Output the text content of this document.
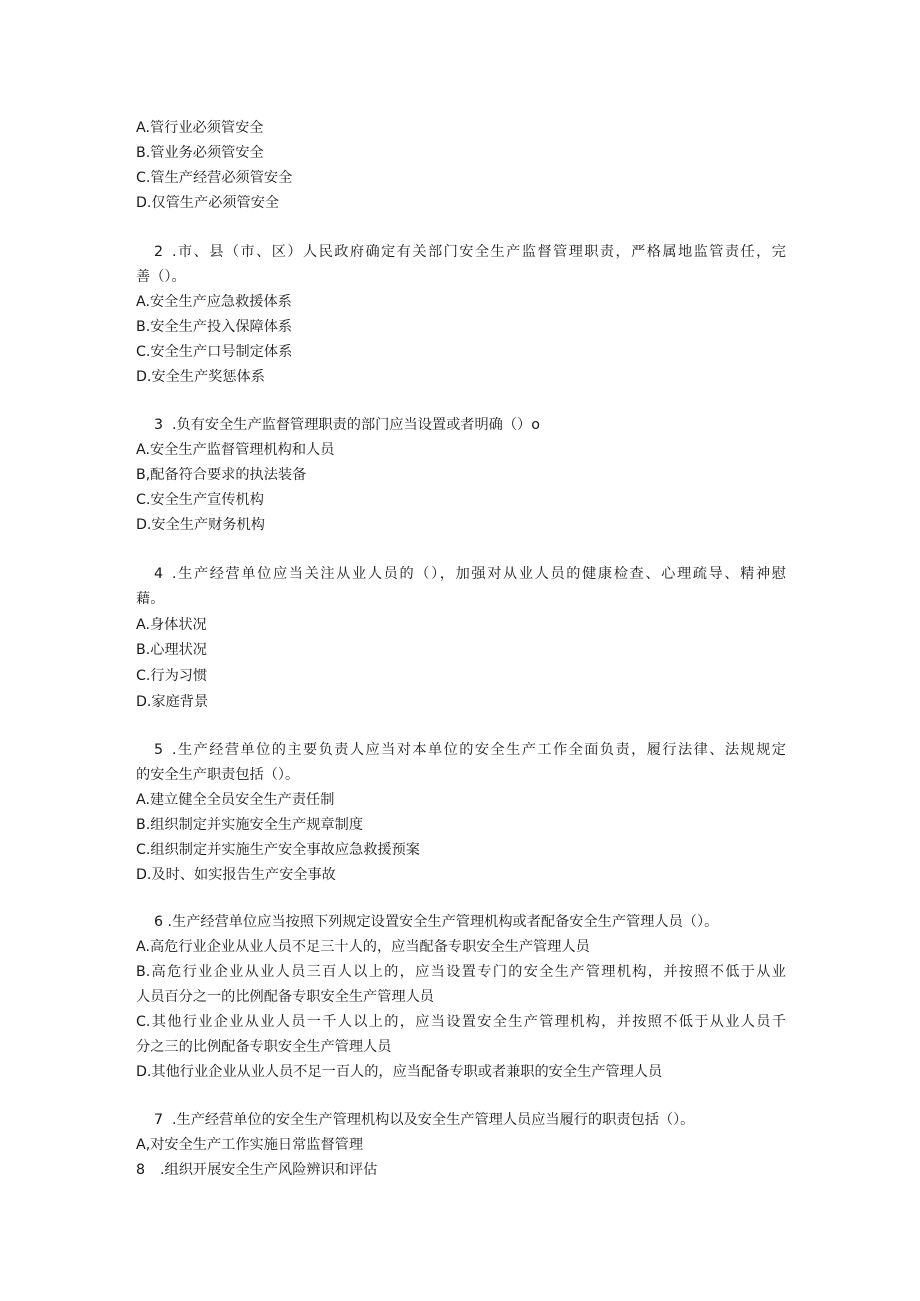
A.管行业必须管安全
B.管业务必须管安全
C.管生产经营必须管安全
D.仅管生产必须管安全
2 .市、县（市、区）人民政府确定有关部门安全生产监督管理职责，严格属地监管责任，完
善（）。
A.安全生产应急救援体系
B.安全生产投入保障体系
C.安全生产口号制定体系
D.安全生产奖惩体系
3 .负有安全生产监督管理职责的部门应当设置或者明确（）o
A.安全生产监督管理机构和人员
B,配备符合要求的执法装备
C.安全生产宣传机构
D.安全生产财务机构
4 .生产经营单位应当关注从业人员的（），加强对从业人员的健康检查、心理疏导、精神慰
藉。
A.身体状况
B.心理状况
C.行为习惯
D.家庭背景
5 .生产经营单位的主要负责人应当对本单位的安全生产工作全面负责，履行法律、法规规定
的安全生产职责包括（）。
A.建立健全全员安全生产责任制
B.组织制定并实施安全生产规章制度
C.组织制定并实施生产安全事故应急救援预案
D.及时、如实报告生产安全事故
6 .生产经营单位应当按照下列规定设置安全生产管理机构或者配备安全生产管理人员（）。
A.高危行业企业从业人员不足三十人的，应当配备专职安全生产管理人员
B.高危行业企业从业人员三百人以上的，应当设置专门的安全生产管理机构，并按照不低于从业
人员百分之一的比例配备专职安全生产管理人员
C.其他行业企业从业人员一千人以上的，应当设置安全生产管理机构，并按照不低于从业人员千
分之三的比例配备专职安全生产管理人员
D.其他行业企业从业人员不足一百人的，应当配备专职或者兼职的安全生产管理人员
7 .生产经营单位的安全生产管理机构以及安全生产管理人员应当履行的职责包括（）。
A,对安全生产工作实施日常监督管理
8 .组织开展安全生产风险辨识和评估
